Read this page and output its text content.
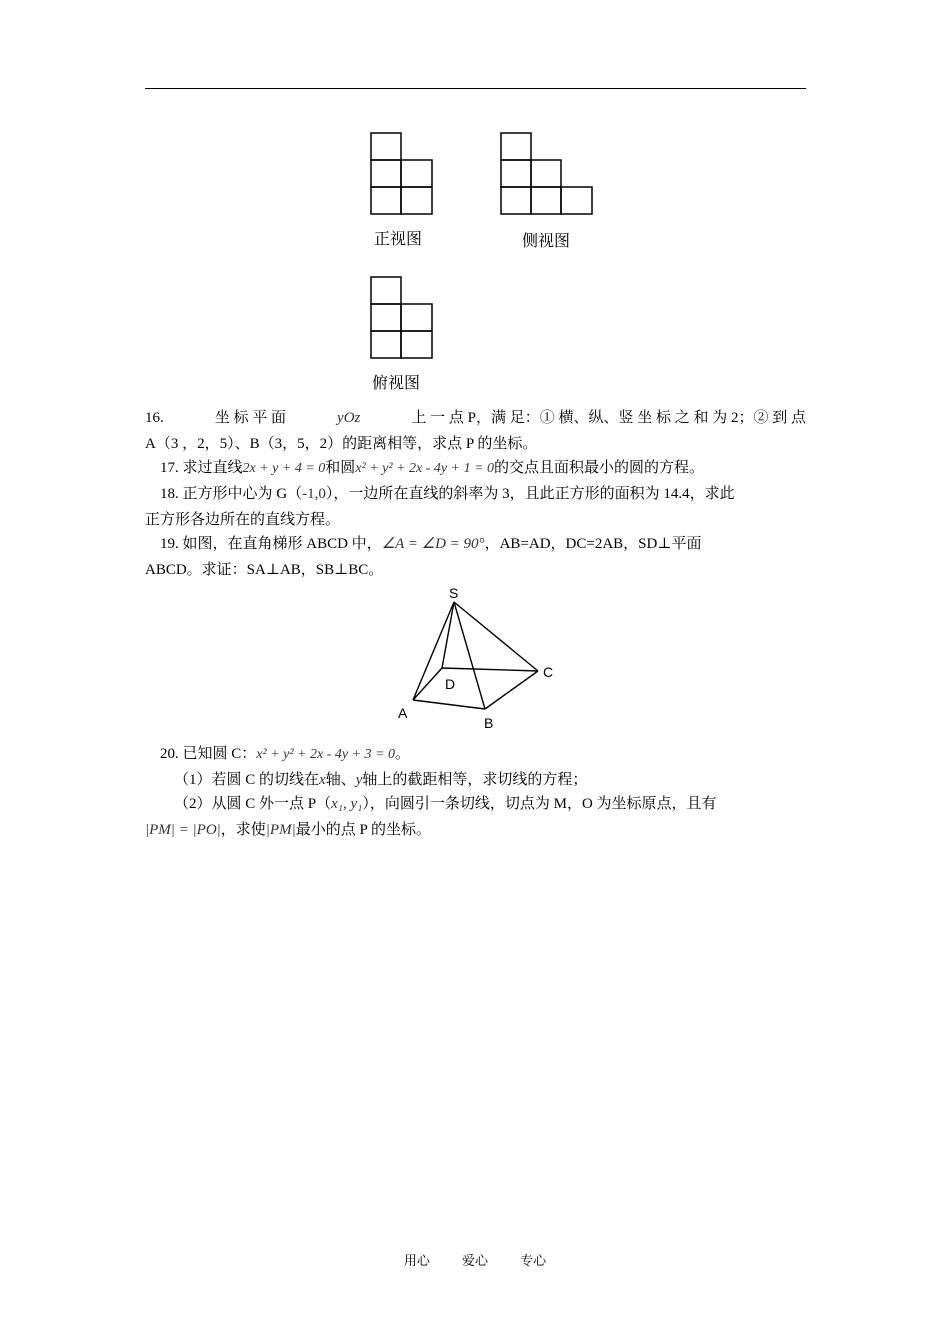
正视图	侧视图
俯视图
16.	坐 标 平 面	yOz	上 一 点 P，满 足：① 横、纵、竖 坐 标 之 和 为 2；② 到 点
A（3 ，2，5）、B（3，5，2）的距离相等，求点 P 的坐标。
17. 求过直线2x + y + 4 = 0和圆x² + y² + 2x - 4y + 1 = 0的交点且面积最小的圆的方程。
18. 正方形中心为 G（-1,0），一边所在直线的斜率为 3，且此正方形的面积为 14.4，求此
正方形各边所在的直线方程。
19. 如图，在直角梯形 ABCD 中，∠A = ∠D = 90°，AB=AD，DC=2AB，SD⊥平面
ABCD。求证：SA⊥AB，SB⊥BC。
S
A
B
C
D
20. 已知圆 C：x² + y² + 2x - 4y + 3 = 0。
（1）若圆 C 的切线在x轴、y轴上的截距相等，求切线的方程；
（2）从圆 C 外一点 P（x₁, y₁），向圆引一条切线，切点为 M，O 为坐标原点，且有
|PM| = |PO|，求使|PM|最小的点 P 的坐标。
用心 爱心 专心
